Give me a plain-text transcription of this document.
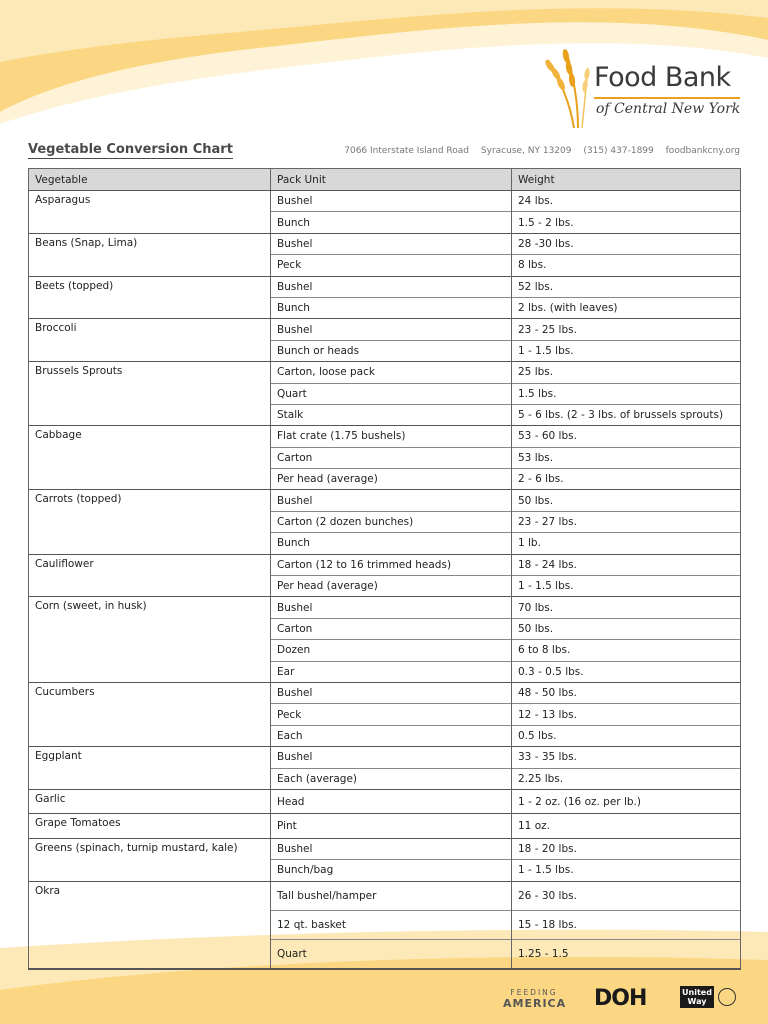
Food Bank
of Central New York
Vegetable Conversion Chart	7066 Interstate Island Road Syracuse, NY 13209 (315) 437-1899 foodbankcny.org
Vegetable	Pack Unit	Weight
Asparagus	Bushel	24 lbs.
	Bunch	1.5 - 2 lbs.
Beans (Snap, Lima)	Bushel	28 -30 lbs.
	Peck	8 lbs.
Beets (topped)	Bushel	52 lbs.
	Bunch	2 lbs. (with leaves)
Broccoli	Bushel	23 - 25 lbs.
	Bunch or heads	1 - 1.5 lbs.
Brussels Sprouts	Carton, loose pack	25 lbs.
	Quart	1.5 lbs.
	Stalk	5 - 6 lbs. (2 - 3 lbs. of brussels sprouts)
Cabbage	Flat crate (1.75 bushels)	53 - 60 lbs.
	Carton	53 lbs.
	Per head (average)	2 - 6 lbs.
Carrots (topped)	Bushel	50 lbs.
	Carton (2 dozen bunches)	23 - 27 lbs.
	Bunch	1 lb.
Cauliflower	Carton (12 to 16 trimmed heads)	18 - 24 lbs.
	Per head (average)	1 - 1.5 lbs.
Corn (sweet, in husk)	Bushel	70 lbs.
	Carton	50 lbs.
	Dozen	6 to 8 lbs.
	Ear	0.3 - 0.5 lbs.
Cucumbers	Bushel	48 - 50 lbs.
	Peck	12 - 13 lbs.
	Each	0.5 lbs.
Eggplant	Bushel	33 - 35 lbs.
	Each (average)	2.25 lbs.
Garlic	Head	1 - 2 oz. (16 oz. per lb.)
Grape Tomatoes	Pint	11 oz.
Greens (spinach, turnip mustard, kale)	Bushel	18 - 20 lbs.
	Bunch/bag	1 - 1.5 lbs.
Okra	Tall bushel/hamper	26 - 30 lbs.
	12 qt. basket	15 - 18 lbs.
	Quart	1.25 - 1.5
FEEDING
AMERICA DOH	United
Way
